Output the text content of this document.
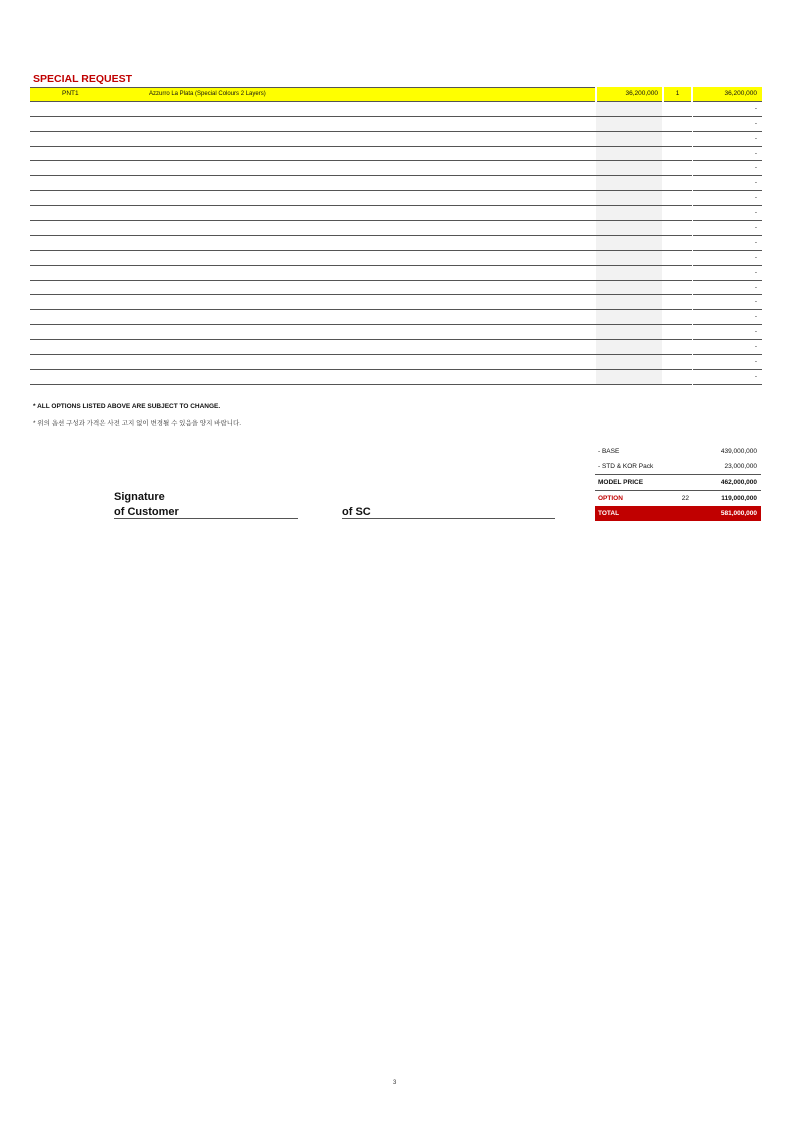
SPECIAL REQUEST
PNT1	Azzurro La Plata (Special Colours 2 Layers)	36,200,000	1	36,200,000
-
-
-
-
-
-
-
-
-
-
-
-
-
-
-
-
-
-
-
* ALL OPTIONS LISTED ABOVE ARE SUBJECT TO CHANGE.
* 위의 옵션 구성과 가격은 사전 고지 없이 변경될 수 있음을 양지 바랍니다.
Signature
of Customer	of SC
- BASE	439,000,000
- STD & KOR Pack	23,000,000
MODEL PRICE	462,000,000
OPTION	22	119,000,000
TOTAL	581,000,000
3
